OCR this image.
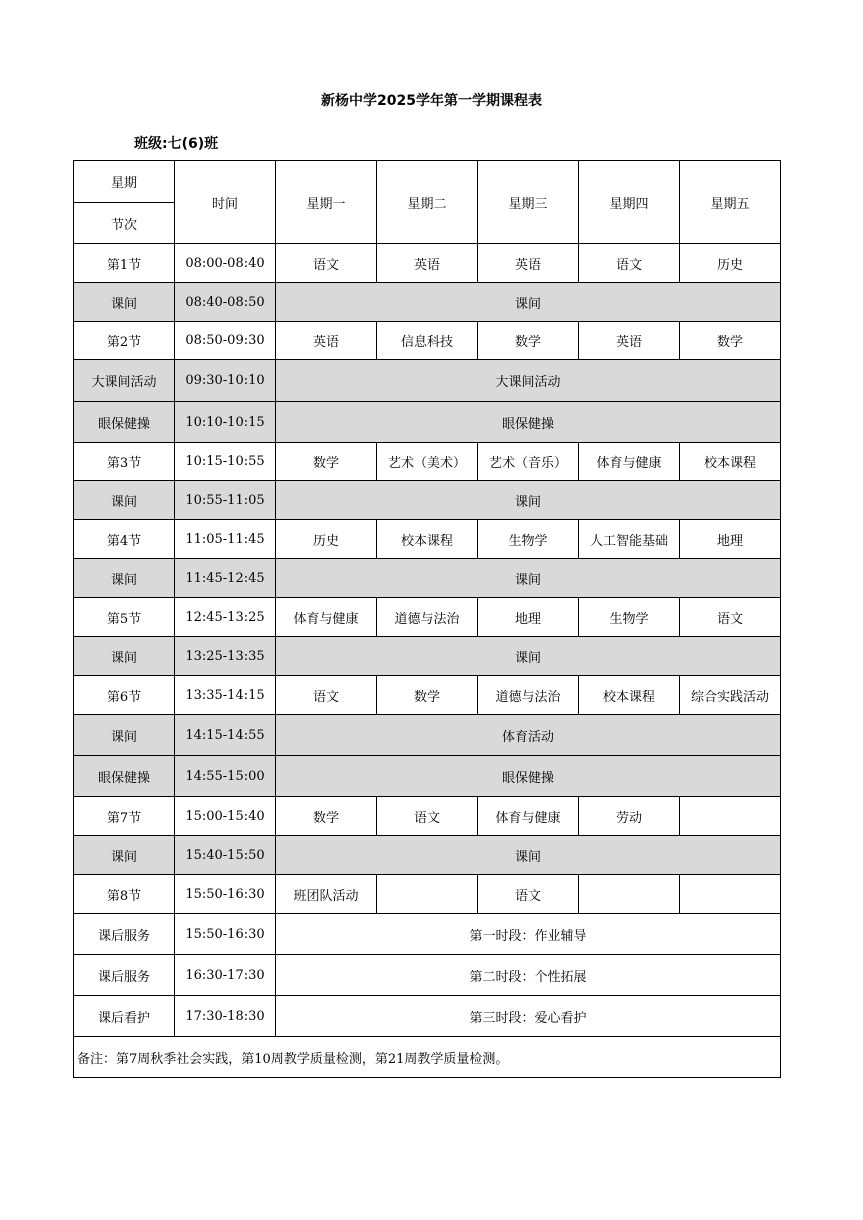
新杨中学2025学年第一学期课程表
班级:七(6)班
星期	时间	星期一	星期二	星期三	星期四	星期五
节次						
第1节	08:00-08:40	语文	英语	英语	语文	历史
课间	08:40-08:50	课间				
第2节	08:50-09:30	英语	信息科技	数学	英语	数学
大课间活动	09:30-10:10	大课间活动				
眼保健操	10:10-10:15	眼保健操				
第3节	10:15-10:55	数学	艺术（美术）	艺术（音乐）	体育与健康	校本课程
课间	10:55-11:05	课间				
第4节	11:05-11:45	历史	校本课程	生物学	人工智能基础	地理
课间	11:45-12:45	课间				
第5节	12:45-13:25	体育与健康	道德与法治	地理	生物学	语文
课间	13:25-13:35	课间				
第6节	13:35-14:15	语文	数学	道德与法治	校本课程	综合实践活动
课间	14:15-14:55	体育活动				
眼保健操	14:55-15:00	眼保健操				
第7节	15:00-15:40	数学	语文	体育与健康	劳动	
课间	15:40-15:50	课间				
第8节	15:50-16:30	班团队活动		语文		
课后服务	15:50-16:30	第一时段：作业辅导				
课后服务	16:30-17:30	第二时段：个性拓展				
课后看护	17:30-18:30	第三时段：爱心看护				
备注：第7周秋季社会实践，第10周教学质量检测，第21周教学质量检测。						
